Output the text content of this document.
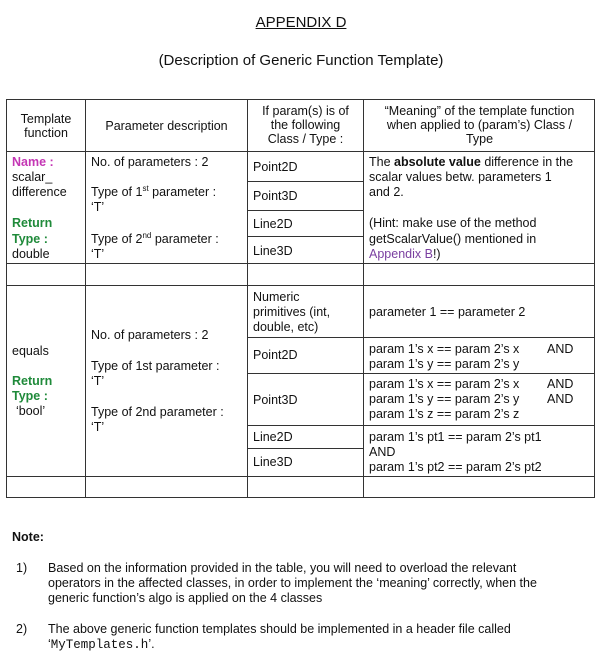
APPENDIX D
(Description of Generic Function Template)
Template
function	Parameter description
If param(s) is of
the following
Class / Type :
“Meaning” of the template function
when applied to (param’s) Class /
Type
Name :
scalar_
difference
Return
Type :
double
No. of parameters : 2
Type of 1st parameter :
‘T’
Type of 2nd parameter :
‘T’
Point2D
Point3D
Line2D
Line3D
The absolute value difference in the
scalar values betw. parameters 1
and 2.
(Hint: make use of the method
getScalarValue() mentioned in
Appendix B!)
equals
Return
Type :
‘bool’
No. of parameters : 2
Type of 1st parameter :
‘T’
Type of 2nd parameter :
‘T’
Numeric
primitives (int,
double, etc)
Point2D
Point3D
Line2D
Line3D
parameter 1 == parameter 2
param 1’s x == param 2’s x AND
param 1’s y == param 2’s y
param 1’s x == param 2’s x AND
param 1’s y == param 2’s y AND
param 1’s z == param 2’s z
param 1’s pt1 == param 2’s pt1
AND
param 1’s pt2 == param 2’s pt2
Note:
1) Based on the information provided in the table, you will need to overload the relevant
operators in the affected classes, in order to implement the ‘meaning’ correctly, when the
generic function’s algo is applied on the 4 classes
2) The above generic function templates should be implemented in a header file called
‘MyTemplates.h’.
